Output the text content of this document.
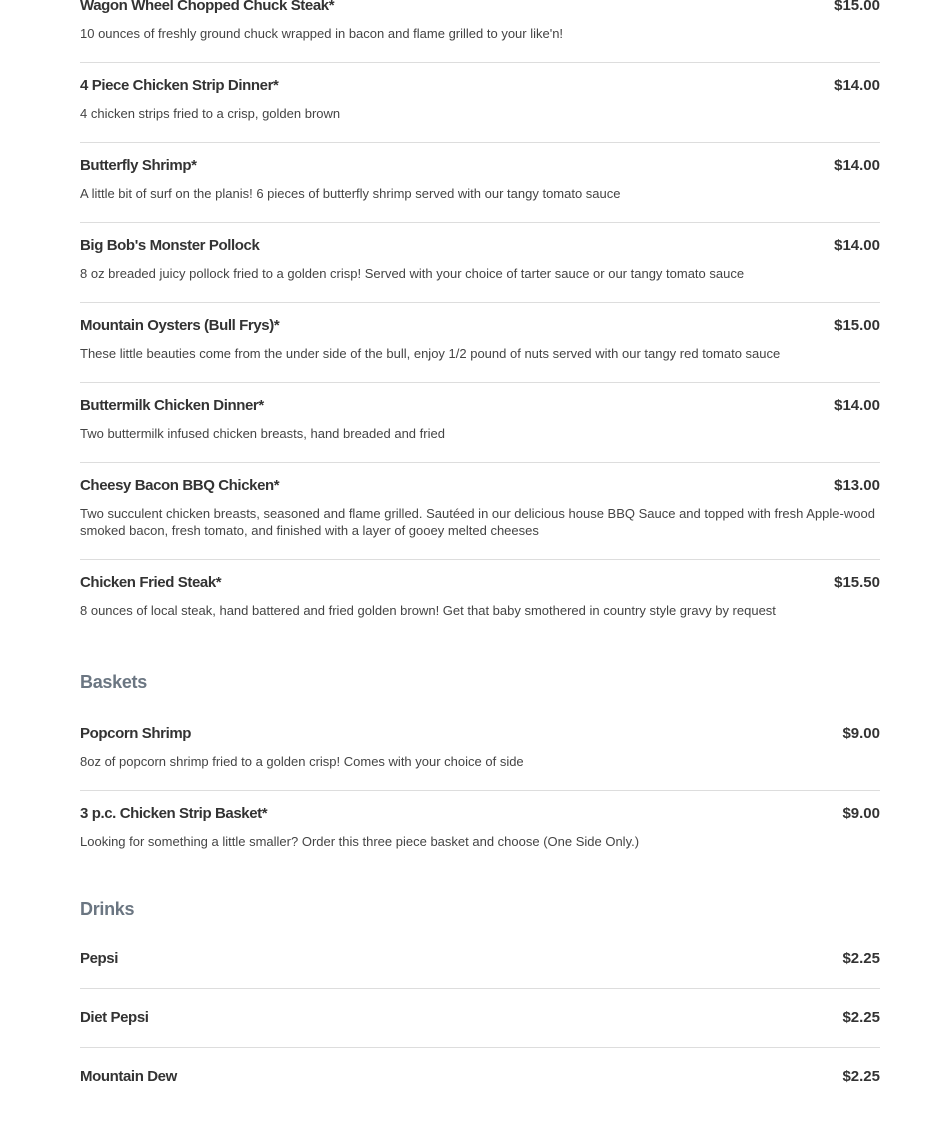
Wagon Wheel Chopped Chuck Steak*	$15.00
10 ounces of freshly ground chuck wrapped in bacon and flame grilled to your like'n!
4 Piece Chicken Strip Dinner*	$14.00
4 chicken strips fried to a crisp, golden brown
Butterfly Shrimp*	$14.00
A little bit of surf on the planis! 6 pieces of butterfly shrimp served with our tangy tomato sauce
Big Bob's Monster Pollock	$14.00
8 oz breaded juicy pollock fried to a golden crisp! Served with your choice of tarter sauce or our tangy tomato sauce
Mountain Oysters (Bull Frys)*	$15.00
These little beauties come from the under side of the bull, enjoy 1/2 pound of nuts served with our tangy red tomato sauce
Buttermilk Chicken Dinner*	$14.00
Two buttermilk infused chicken breasts, hand breaded and fried
Cheesy Bacon BBQ Chicken*	$13.00
Two succulent chicken breasts, seasoned and flame grilled. Sautéed in our delicious house BBQ Sauce and topped with fresh Apple-wood smoked bacon, fresh tomato, and finished with a layer of gooey melted cheeses
Chicken Fried Steak*	$15.50
8 ounces of local steak, hand battered and fried golden brown! Get that baby smothered in country style gravy by request
Baskets
Popcorn Shrimp	$9.00
8oz of popcorn shrimp fried to a golden crisp! Comes with your choice of side
3 p.c. Chicken Strip Basket*	$9.00
Looking for something a little smaller? Order this three piece basket and choose (One Side Only.)
Drinks
Pepsi	$2.25
Diet Pepsi	$2.25
Mountain Dew	$2.25
